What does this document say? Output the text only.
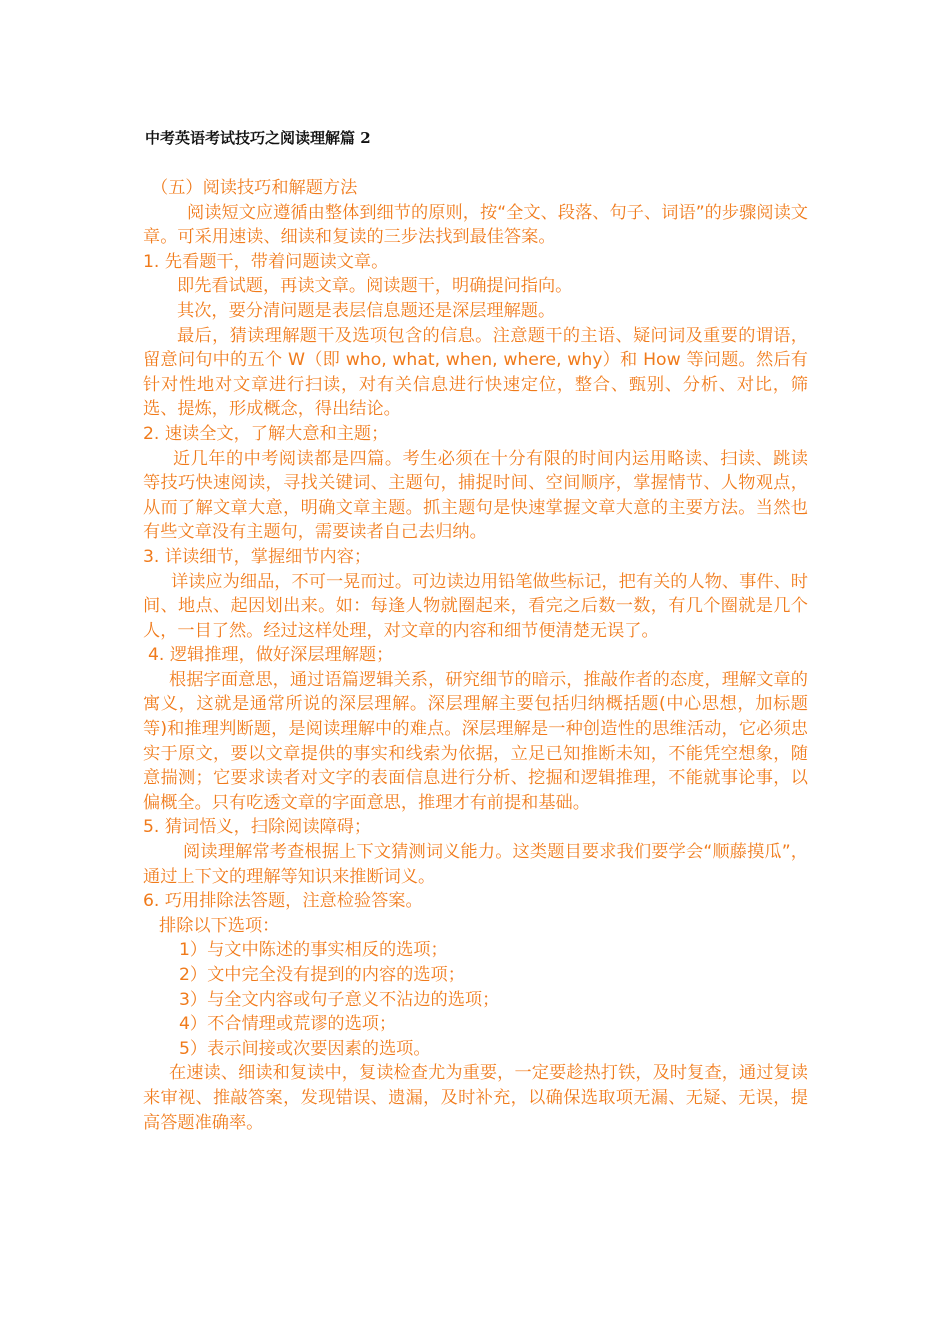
中考英语考试技巧之阅读理解篇 2

（五）阅读技巧和解题方法

阅读短文应遵循由整体到细节的原则，按“全文、段落、句子、词语”的步骤阅读文章。可采用速读、细读和复读的三步法找到最佳答案。

1. 先看题干，带着问题读文章。

即先看试题，再读文章。阅读题干，明确提问指向。

其次，要分清问题是表层信息题还是深层理解题。

最后，猜读理解题干及选项包含的信息。注意题干的主语、疑问词及重要的谓语，留意问句中的五个 W（即 who, what, when, where, why）和 How 等问题。然后有针对性地对文章进行扫读，对有关信息进行快速定位，整合、甄别、分析、对比，筛选、提炼，形成概念，得出结论。

2. 速读全文，了解大意和主题；

近几年的中考阅读都是四篇。考生必须在十分有限的时间内运用略读、扫读、跳读等技巧快速阅读，寻找关键词、主题句，捕捉时间、空间顺序，掌握情节、人物观点，从而了解文章大意，明确文章主题。抓主题句是快速掌握文章大意的主要方法。当然也有些文章没有主题句，需要读者自己去归纳。

3. 详读细节，掌握细节内容；

详读应为细品，不可一晃而过。可边读边用铅笔做些标记，把有关的人物、事件、时间、地点、起因划出来。如：每逢人物就圈起来，看完之后数一数，有几个圈就是几个人，一目了然。经过这样处理，对文章的内容和细节便清楚无误了。

4. 逻辑推理，做好深层理解题；

根据字面意思，通过语篇逻辑关系，研究细节的暗示，推敲作者的态度，理解文章的寓义，这就是通常所说的深层理解。深层理解主要包括归纳概括题(中心思想，加标题等)和推理判断题，是阅读理解中的难点。深层理解是一种创造性的思维活动，它必须忠实于原文，要以文章提供的事实和线索为依据，立足已知推断未知，不能凭空想象，随意揣测；它要求读者对文字的表面信息进行分析、挖掘和逻辑推理，不能就事论事，以偏概全。只有吃透文章的字面意思，推理才有前提和基础。

5. 猜词悟义，扫除阅读障碍；

阅读理解常考查根据上下文猜测词义能力。这类题目要求我们要学会“顺藤摸瓜”，通过上下文的理解等知识来推断词义。

6. 巧用排除法答题，注意检验答案。

排除以下选项：

1）与文中陈述的事实相反的选项；

2）文中完全没有提到的内容的选项；

3）与全文内容或句子意义不沾边的选项；

4）不合情理或荒谬的选项；

5）表示间接或次要因素的选项。

在速读、细读和复读中，复读检查尤为重要，一定要趁热打铁，及时复查，通过复读来审视、推敲答案，发现错误、遗漏，及时补充，以确保选取项无漏、无疑、无误，提高答题准确率。
